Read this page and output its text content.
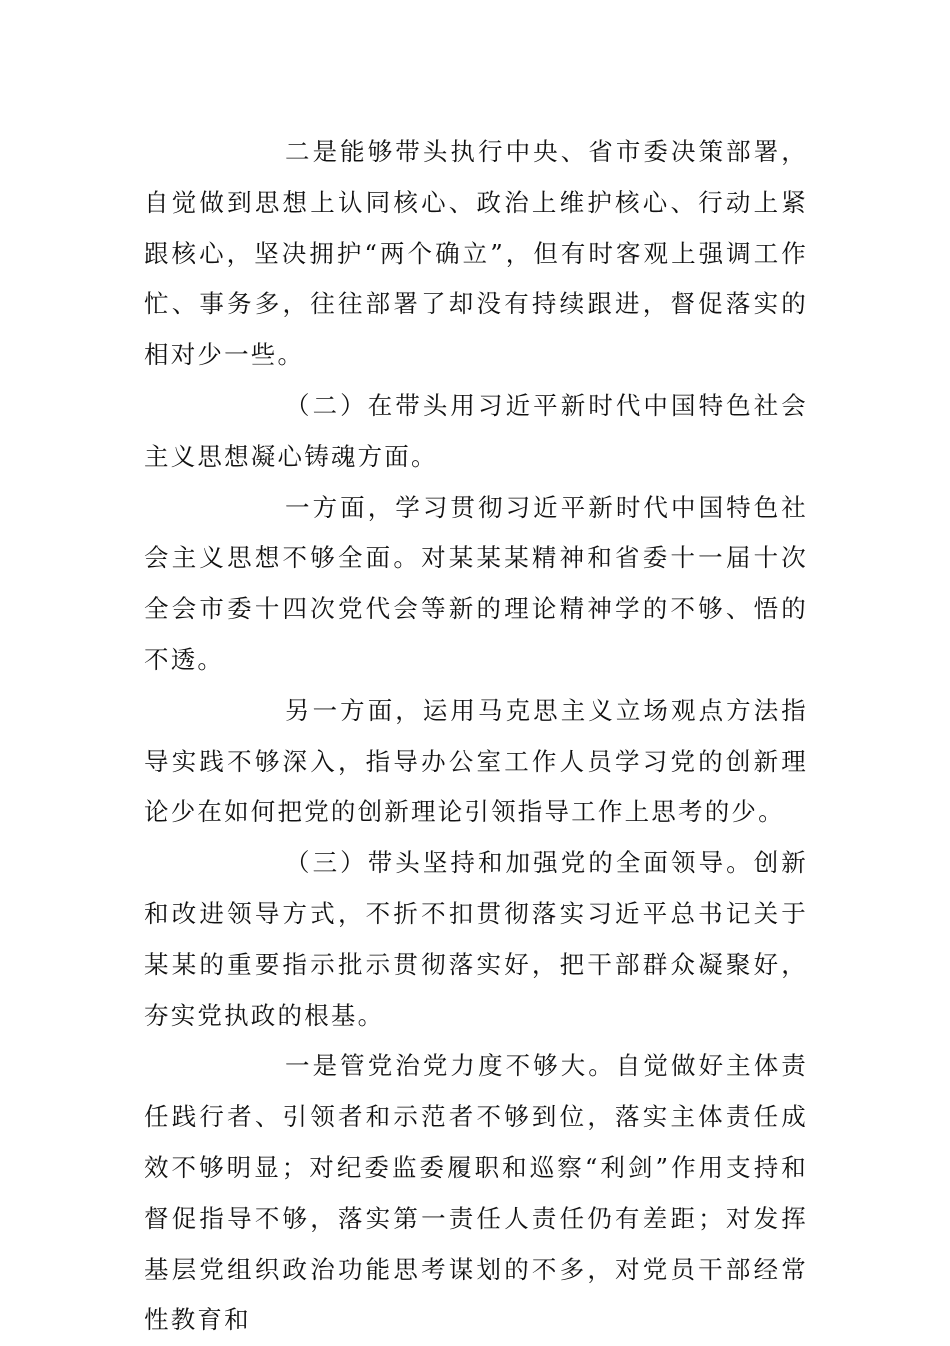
二是能够带头执行中央、省市委决策部署，自觉做到思想上认同核心、政治上维护核心、行动上紧跟核心，坚决拥护“两个确立”，但有时客观上强调工作忙、事务多，往往部署了却没有持续跟进，督促落实的相对少一些。

（二）在带头用习近平新时代中国特色社会主义思想凝心铸魂方面。

一方面，学习贯彻习近平新时代中国特色社会主义思想不够全面。对某某某精神和省委十一届十次全会市委十四次党代会等新的理论精神学的不够、悟的不透。

另一方面，运用马克思主义立场观点方法指导实践不够深入，指导办公室工作人员学习党的创新理论少在如何把党的创新理论引领指导工作上思考的少。

（三）带头坚持和加强党的全面领导。创新和改进领导方式，不折不扣贯彻落实习近平总书记关于某某的重要指示批示贯彻落实好，把干部群众凝聚好，夯实党执政的根基。

一是管党治党力度不够大。自觉做好主体责任践行者、引领者和示范者不够到位，落实主体责任成效不够明显；对纪委监委履职和巡察“利剑”作用支持和督促指导不够，落实第一责任人责任仍有差距；对发挥基层党组织政治功能思考谋划的不多，对党员干部经常性教育和
